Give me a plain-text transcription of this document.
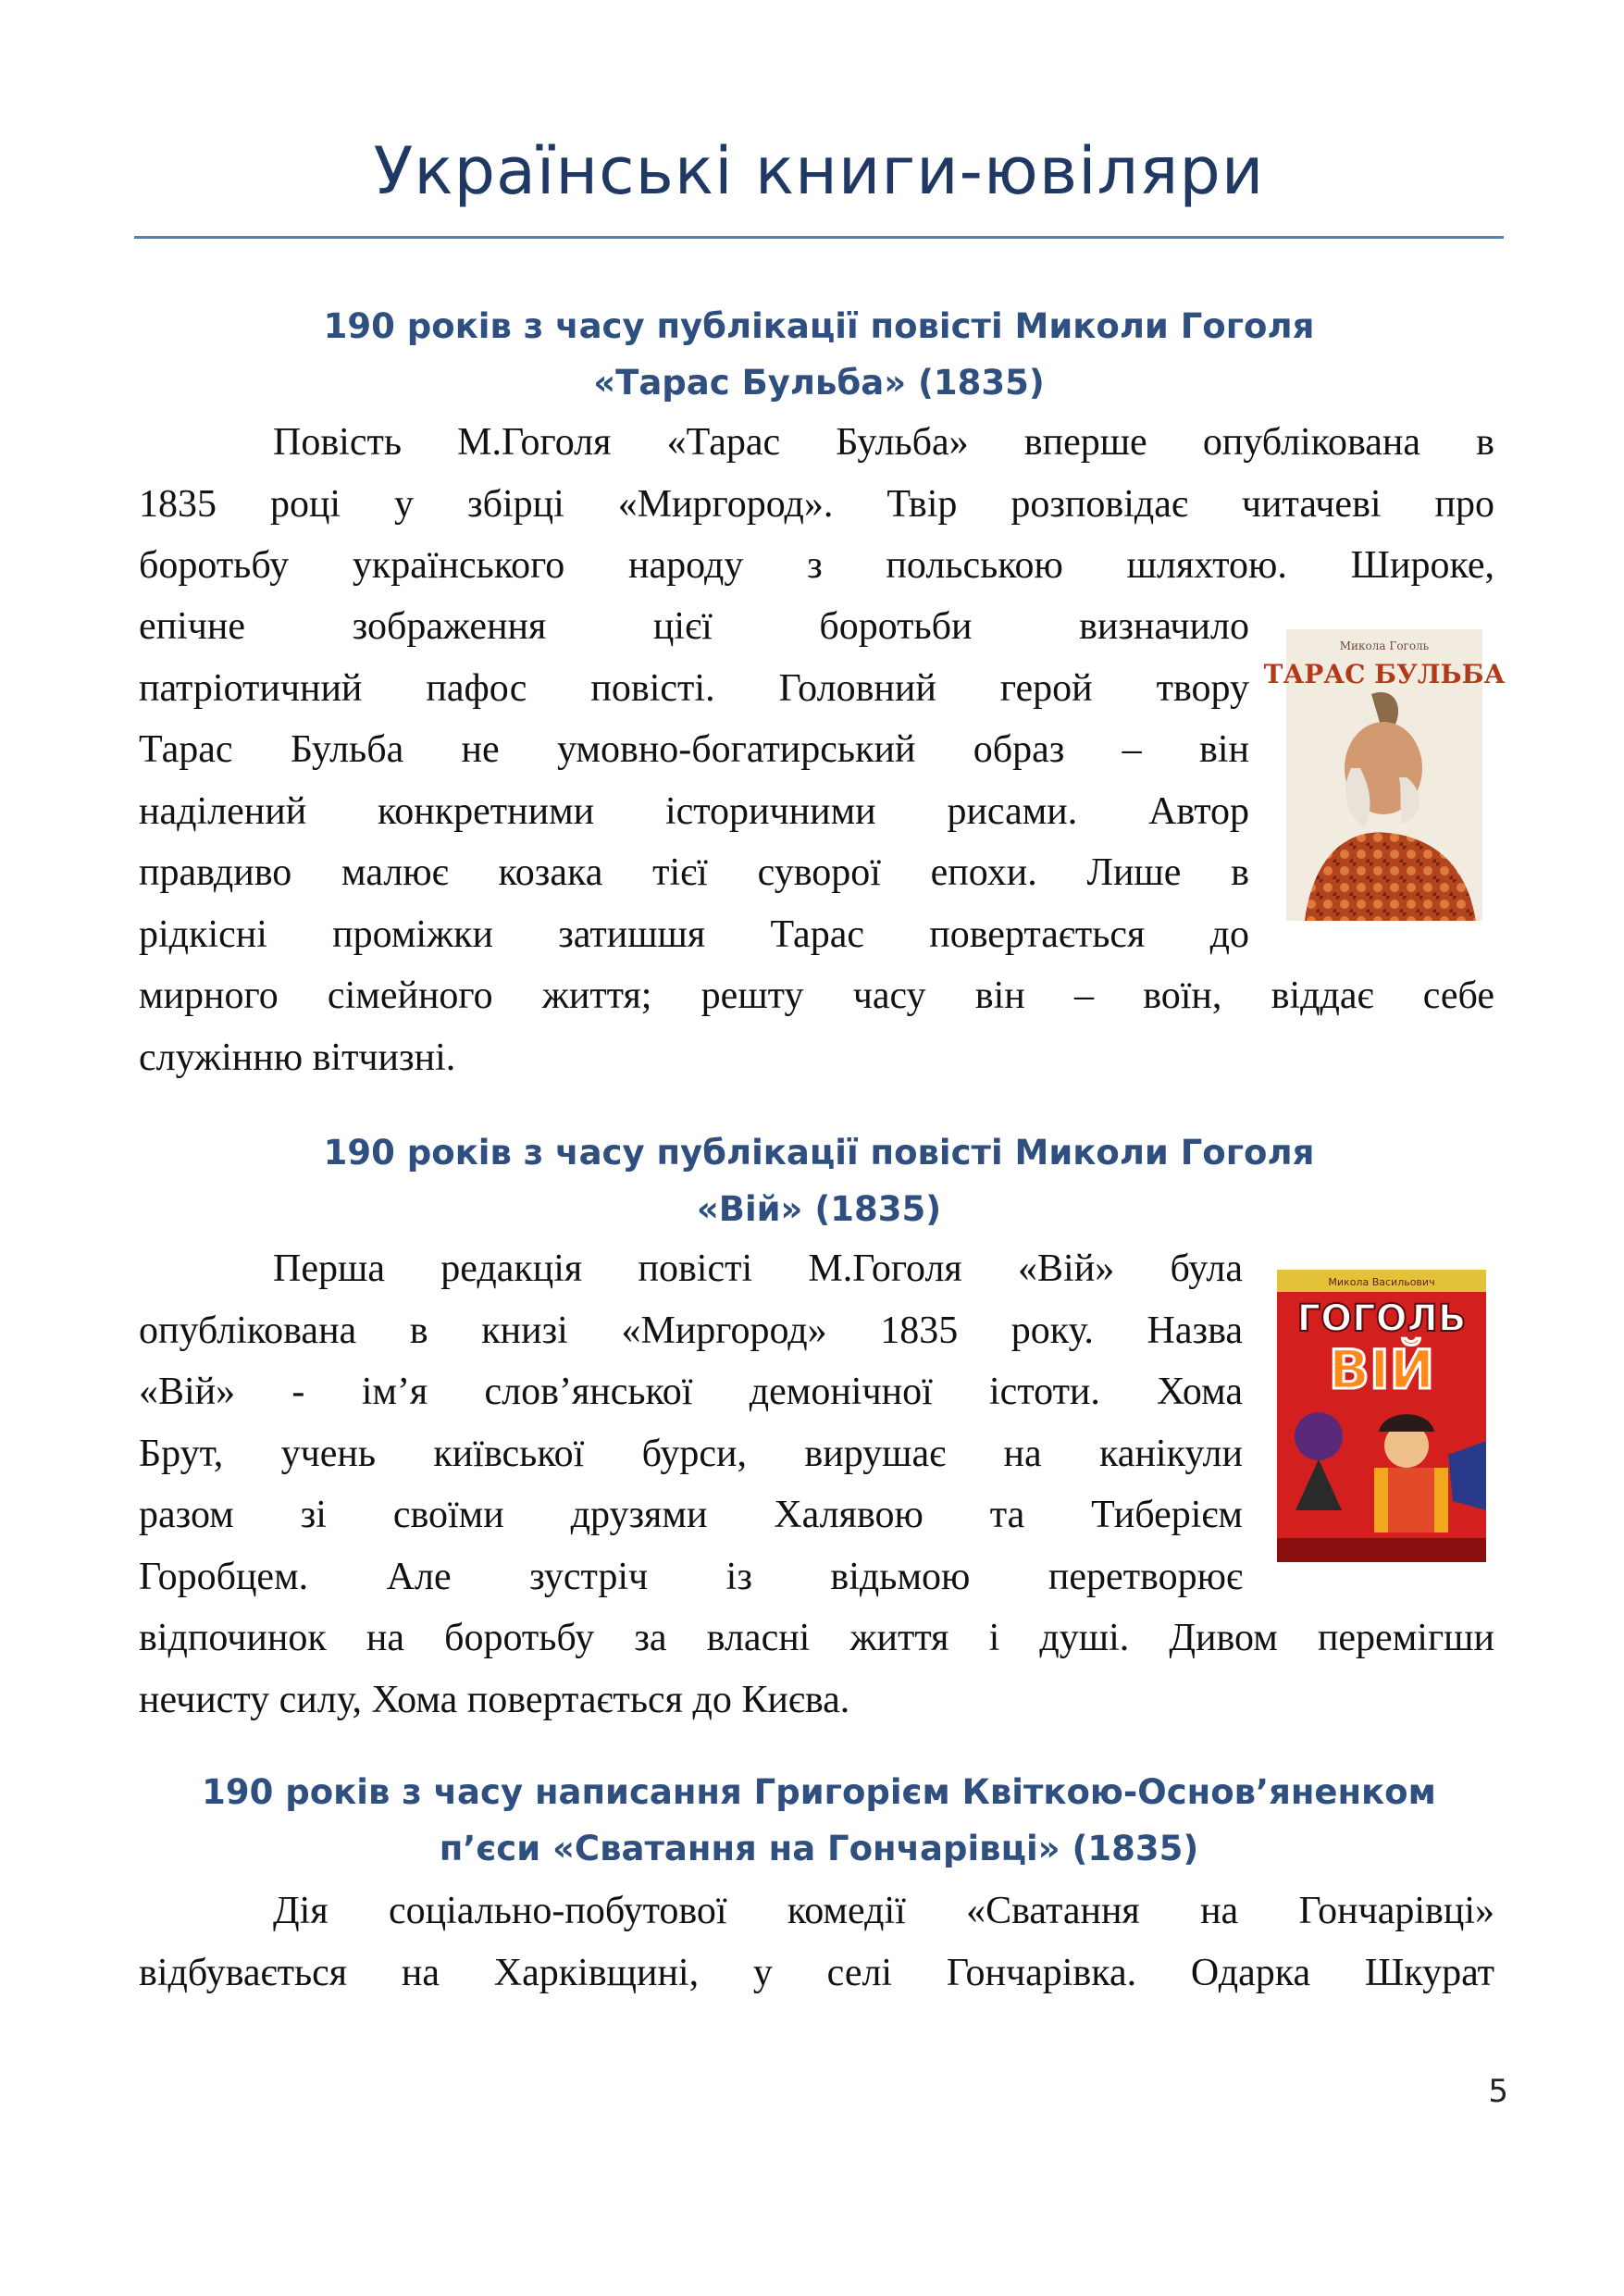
Українські книги-ювіляри
190 років з часу публікації повісті Миколи Гоголя
«Тарас Бульба» (1835)

Повість М.Гоголя «Тарас Бульба» вперше опублікована в

1835 році у збірці «Миргород». Твір розповідає читачеві про

боротьбу українського народу з польською шляхтою. Широке,

епічне зображення цієї боротьби визначило

патріотичний пафос повісті. Головний герой твору

Тарас Бульба не умовно-богатирський образ – він

наділений конкретними історичними рисами. Автор

правдиво малює козака тієї суворої епохи. Лише в

рідкісні проміжки затишшя Тарас повертається до

мирного сімейного життя; решту часу він – воїн, віддає себе

служінню вітчизні.

Микола Гоголь
ТАРАС БУЛЬБА
190 років з часу публікації повісті Миколи Гоголя
«Вій» (1835)

Перша редакція повісті М.Гоголя «Вій» була

опублікована в книзі «Миргород» 1835 року. Назва

«Вій» - ім’я слов’янської демонічної істоти. Хома

Брут, учень київської бурси, вирушає на канікули

разом зі своїми друзями Халявою та Тиберієм

Горобцем. Але зустріч із відьмою перетворює

відпочинок на боротьбу за власні життя і душі. Дивом перемігши

нечисту силу, Хома повертається до Києва.

Микола Васильович
ГОГОЛЬ
ВІЙ
190 років з часу написання Григорієм Квіткою-Основ’яненком
п’єси «Сватання на Гончарівці» (1835)

Дія соціально-побутової комедії «Сватання на Гончарівці»

відбувається на Харківщині, у селі Гончарівка. Одарка Шкурат

5
